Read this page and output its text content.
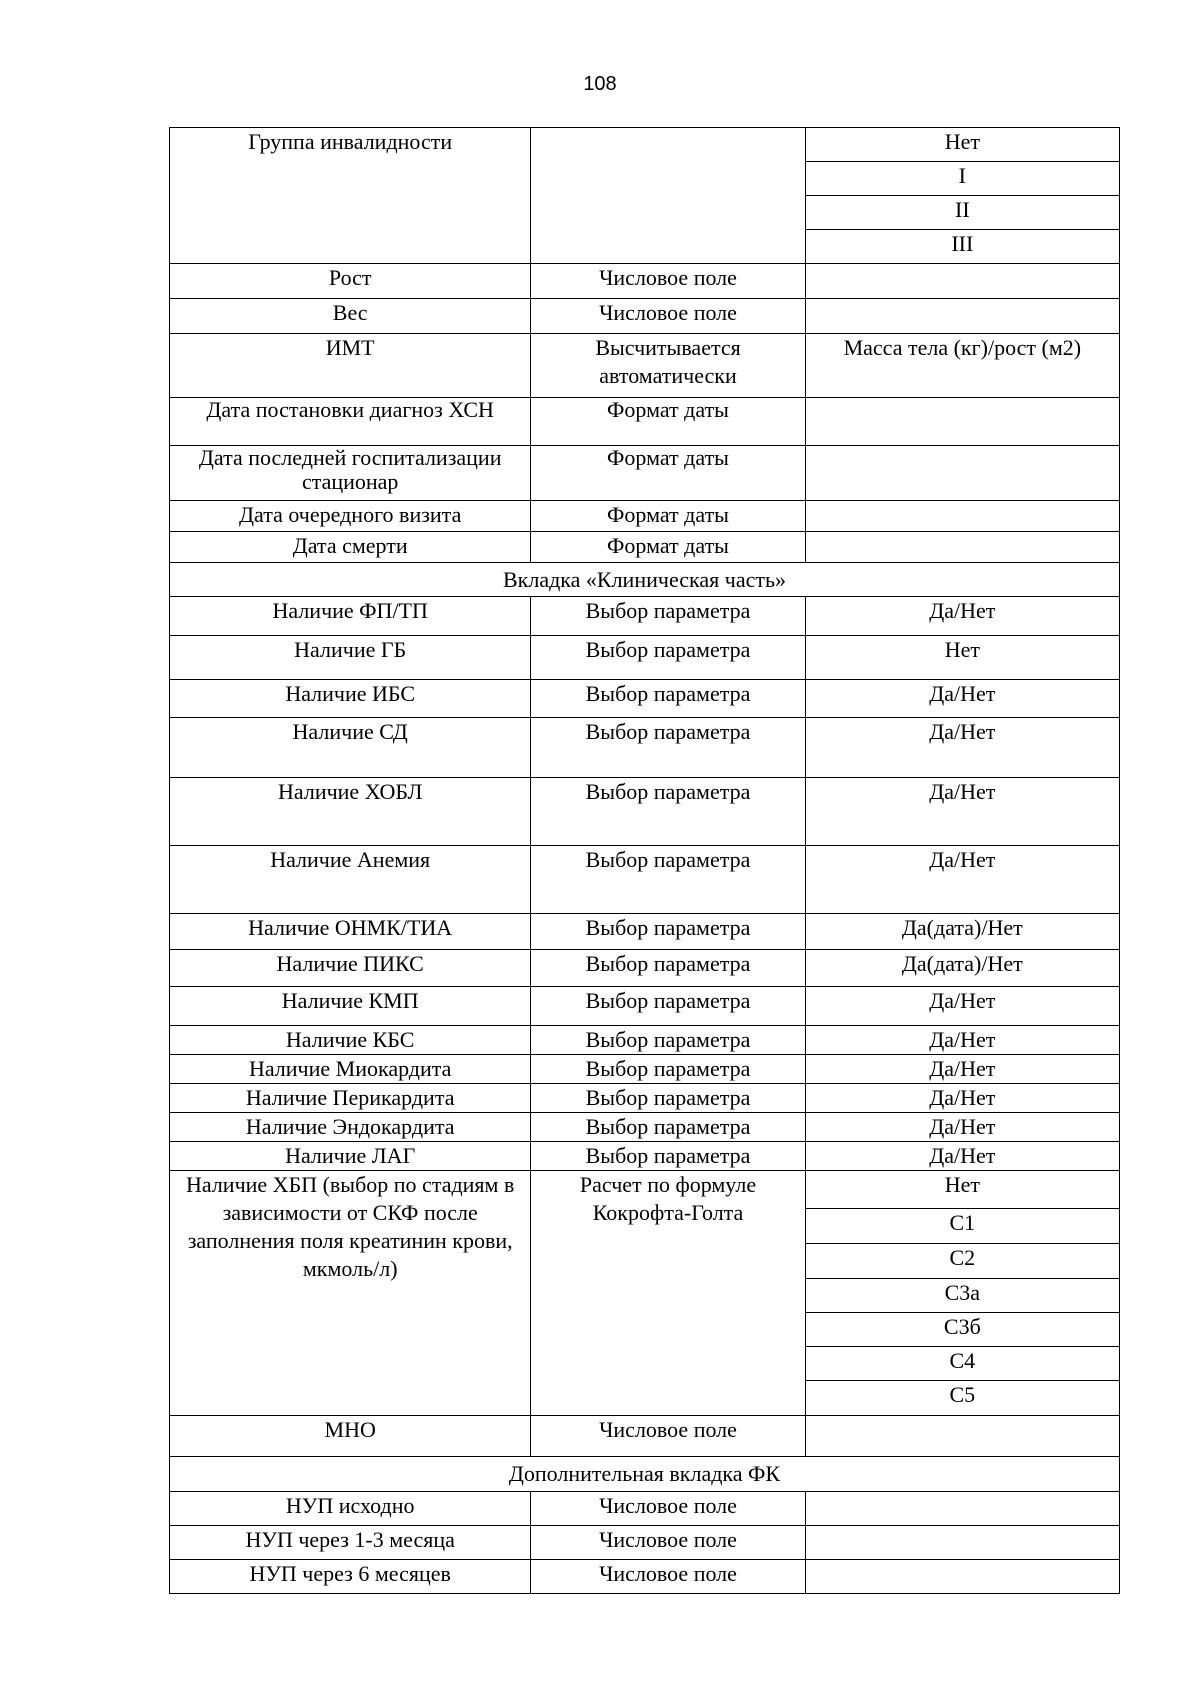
108
Группа инвалидности		Нет
		I
		II
		III
Рост	Числовое поле	
Вес	Числовое поле	
ИМТ	Высчитывается автоматически	Масса тела (кг)/рост (м2)
Дата постановки диагноз ХСН	Формат даты	
Дата последней госпитализации стационар	Формат даты	
Дата очередного визита	Формат даты	
Дата смерти	Формат даты	
Вкладка «Клиническая часть»		
Наличие ФП/ТП	Выбор параметра	Да/Нет
Наличие ГБ	Выбор параметра	Нет
Наличие ИБС	Выбор параметра	Да/Нет
Наличие СД	Выбор параметра	Да/Нет
Наличие ХОБЛ	Выбор параметра	Да/Нет
Наличие Анемия	Выбор параметра	Да/Нет
Наличие ОНМК/ТИА	Выбор параметра	Да(дата)/Нет
Наличие ПИКС	Выбор параметра	Да(дата)/Нет
Наличие КМП	Выбор параметра	Да/Нет
Наличие КБС	Выбор параметра	Да/Нет
Наличие Миокардита	Выбор параметра	Да/Нет
Наличие Перикардита	Выбор параметра	Да/Нет
Наличие Эндокардита	Выбор параметра	Да/Нет
Наличие ЛАГ	Выбор параметра	Да/Нет
Наличие ХБП (выбор по стадиям в зависимости от СКФ после заполнения поля креатинин крови, мкмоль/л)	Расчет по формуле Кокрофта-Голта	Нет
		С1
		С2
		С3а
		С3б
		С4
		С5
МНО	Числовое поле	
Дополнительная вкладка ФК		
НУП исходно	Числовое поле	
НУП через 1-3 месяца	Числовое поле	
НУП через 6 месяцев	Числовое поле	
